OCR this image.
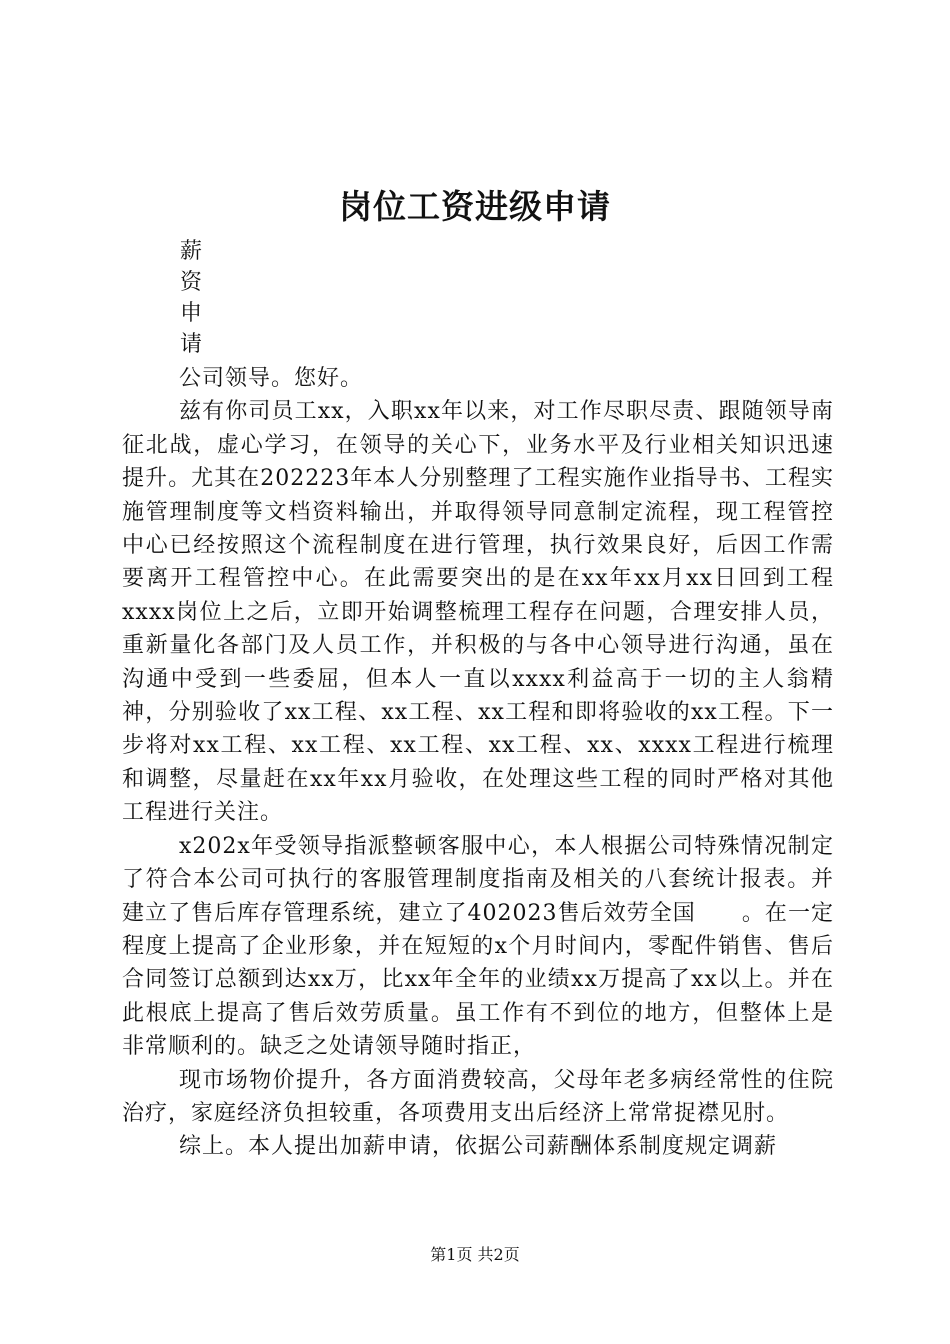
岗位工资进级申请
薪
资
申
请

公司领导。您好。

兹有你司员工xx，入职xx年以来，对工作尽职尽责、跟随领导南征北战，虚心学习，在领导的关心下，业务水平及行业相关知识迅速提升。尤其在202223年本人分别整理了工程实施作业指导书、工程实施管理制度等文档资料输出，并取得领导同意制定流程，现工程管控中心已经按照这个流程制度在进行管理，执行效果良好，后因工作需要离开工程管控中心。在此需要突出的是在xx年xx月xx日回到工程xxxx岗位上之后，立即开始调整梳理工程存在问题，合理安排人员，重新量化各部门及人员工作，并积极的与各中心领导进行沟通，虽在沟通中受到一些委屈，但本人一直以xxxx利益高于一切的主人翁精神，分别验收了xx工程、xx工程、xx工程和即将验收的xx工程。下一步将对xx工程、xx工程、xx工程、xx工程、xx、xxxx工程进行梳理和调整，尽量赶在xx年xx月验收，在处理这些工程的同时严格对其他工程进行关注。

x202x年受领导指派整顿客服中心，本人根据公司特殊情况制定了符合本公司可执行的客服管理制度指南及相关的八套统计报表。并建立了售后库存管理系统，建立了402023售后效劳全国　　。在一定程度上提高了企业形象，并在短短的x个月时间内，零配件销售、售后合同签订总额到达xx万，比xx年全年的业绩xx万提高了xx以上。并在此根底上提高了售后效劳质量。虽工作有不到位的地方，但整体上是非常顺利的。缺乏之处请领导随时指正，

现市场物价提升，各方面消费较高，父母年老多病经常性的住院治疗，家庭经济负担较重，各项费用支出后经济上常常捉襟见肘。

综上。本人提出加薪申请，依据公司薪酬体系制度规定调薪

第1页 共2页
